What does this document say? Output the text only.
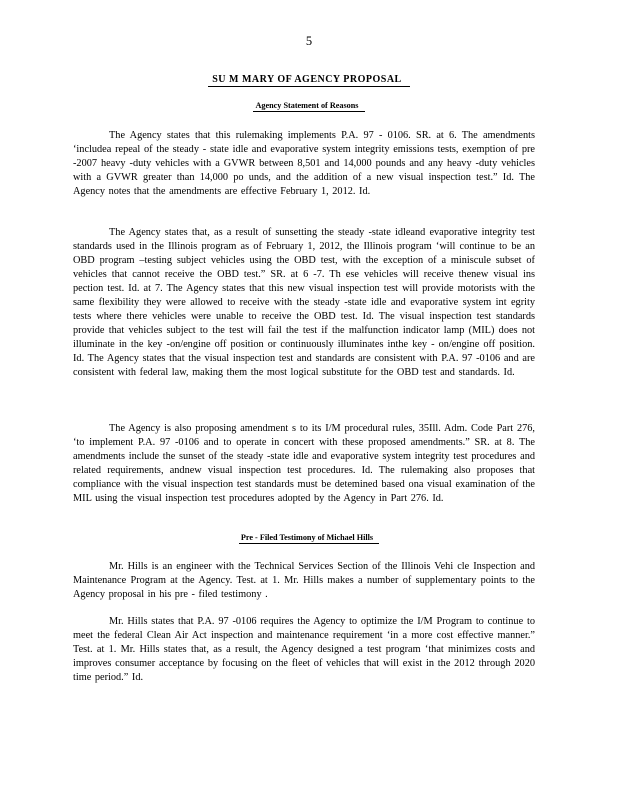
5
SU M MARY OF AGENCY PROPOSAL
Agency Statement of Reasons

The Agency states that this rulemaking implements P.A. 97 - 0106. SR. at 6. The amendments ‘includea repeal of the steady - state idle and evaporative system integrity emissions tests, exemption of pre -2007 heavy -duty vehicles with a GVWR between 8,501 and 14,000 pounds and any heavy -duty vehicles with a GVWR greater than 14,000 po unds, and the addition of a new visual inspection test.” Id. The Agency notes that the amendments are effective February 1, 2012. Id.

The Agency states that, as a result of sunsetting the steady -state idleand evaporative integrity test standards used in the Illinois program as of February 1, 2012, the Illinois program ‘will continue to be an OBD program –testing subject vehicles using the OBD test, with the exception of a miniscule subset of vehicles that cannot receive the OBD test.” SR. at 6 -7. Th ese vehicles will receive thenew visual ins pection test. Id. at 7. The Agency states that this new visual inspection test will provide motorists with the same flexibility they were allowed to receive with the steady -state idle and evaporative system int egrity tests where there vehicles were unable to receive the OBD test. Id. The visual inspection test standards provide that vehicles subject to the test will fail the test if the malfunction indicator lamp (MIL) does not illuminate in the key -on/engine off position or continuously illuminates inthe key - on/engine off position. Id. The Agency states that the visual inspection test and standards are consistent with P.A. 97 -0106 and are consistent with federal law, making them the most logical substitute for the OBD test and standards. Id.

The Agency is also proposing amendment s to its I/M procedural rules, 35Ill. Adm. Code Part 276, ‘to implement P.A. 97 -0106 and to operate in concert with these proposed amendments.” SR. at 8. The amendments include the sunset of the steady -state idle and evaporative system integrity test procedures and related requirements, andnew visual inspection test procedures. Id. The rulemaking also proposes that compliance with the visual inspection test standards must be detemined based ona visual examination of the MIL using the visual inspection test procedures adopted by the Agency in Part 276. Id.

Pre - Filed Testimony of Michael Hills

Mr. Hills is an engineer with the Technical Services Section of the Illinois Vehi cle Inspection and Maintenance Program at the Agency. Test. at 1. Mr. Hills makes a number of supplementary points to the Agency proposal in his pre - filed testimony .

Mr. Hills states that P.A. 97 -0106 requires the Agency to optimize the I/M Program to continue to meet the federal Clean Air Act inspection and maintenance requirement ‘in a more cost effective manner.” Test. at 1. Mr. Hills states that, as a result, the Agency designed a test program ‘that minimizes costs and improves consumer acceptance by focusing on the fleet of vehicles that will exist in the 2012 through 2020 time period.” Id.
